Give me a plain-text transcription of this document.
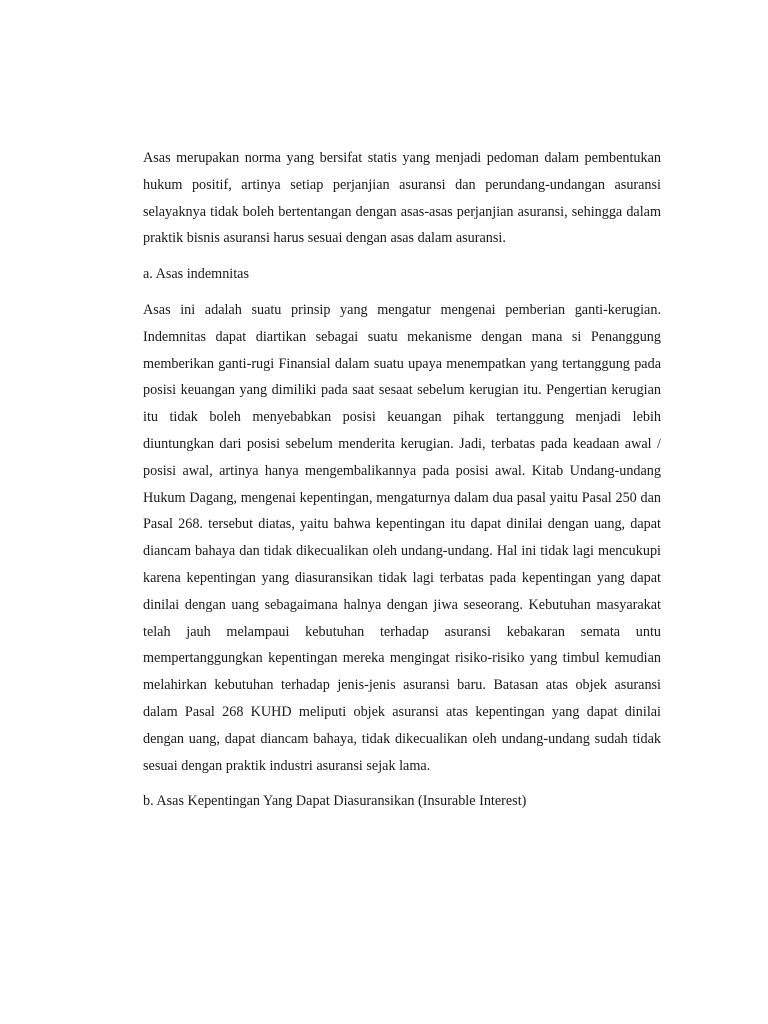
Asas merupakan norma yang bersifat statis yang menjadi pedoman dalam pembentukan hukum positif, artinya setiap perjanjian asuransi dan perundang-undangan asuransi selayaknya tidak boleh bertentangan dengan asas-asas perjanjian asuransi, sehingga dalam praktik bisnis asuransi harus sesuai dengan asas dalam asuransi.

a. Asas indemnitas

Asas ini adalah suatu prinsip yang mengatur mengenai pemberian ganti-kerugian. Indemnitas dapat diartikan sebagai suatu mekanisme dengan mana si Penanggung memberikan ganti-rugi Finansial dalam suatu upaya menempatkan yang tertanggung pada posisi keuangan yang dimiliki pada saat sesaat sebelum kerugian itu. Pengertian kerugian itu tidak boleh menyebabkan posisi keuangan pihak tertanggung menjadi lebih diuntungkan dari posisi sebelum menderita kerugian. Jadi, terbatas pada keadaan awal / posisi awal, artinya hanya mengembalikannya pada posisi awal. Kitab Undang-undang Hukum Dagang, mengenai kepentingan, mengaturnya dalam dua pasal yaitu Pasal 250 dan Pasal 268. tersebut diatas, yaitu bahwa kepentingan itu dapat dinilai dengan uang, dapat diancam bahaya dan tidak dikecualikan oleh undang-undang. Hal ini tidak lagi mencukupi karena kepentingan yang diasuransikan tidak lagi terbatas pada kepentingan yang dapat dinilai dengan uang sebagaimana halnya dengan jiwa seseorang. Kebutuhan masyarakat telah jauh melampaui kebutuhan terhadap asuransi kebakaran semata untu mempertanggungkan kepentingan mereka mengingat risiko-risiko yang timbul kemudian melahirkan kebutuhan terhadap jenis-jenis asuransi baru. Batasan atas objek asuransi dalam Pasal 268 KUHD meliputi objek asuransi atas kepentingan yang dapat dinilai dengan uang, dapat diancam bahaya, tidak dikecualikan oleh undang-undang sudah tidak sesuai dengan praktik industri asuransi sejak lama.

b. Asas Kepentingan Yang Dapat Diasuransikan (Insurable Interest)
